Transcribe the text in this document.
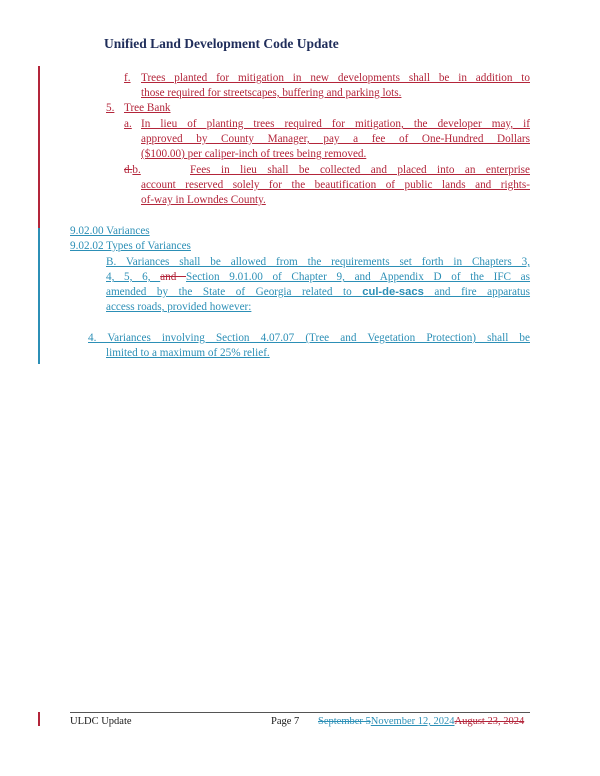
Unified Land Development Code Update
f. Trees planted for mitigation in new developments shall be in addition to
those required for streetscapes, buffering and parking lots.
5. Tree Bank
a. In lieu of planting trees required for mitigation, the developer may, if
approved by County Manager, pay a fee of One-Hundred Dollars
($100.00) per caliper-inch of trees being removed.
d.b.	Fees in lieu shall be collected and placed into an enterprise
account reserved solely for the beautification of public lands and rights-
of-way in Lowndes County.
9.02.00 Variances
9.02.02 Types of Variances
B. Variances shall be allowed from the requirements set forth in Chapters 3,
4, 5, 6, and Section 9.01.00 of Chapter 9, and Appendix D of the IFC as
amended by the State of Georgia related to cul-de-sacs and fire apparatus
access roads, provided however:
4. Variances involving Section 4.07.07 (Tree and Vegetation Protection) shall be
limited to a maximum of 25% relief.
ULDC Update	Page 7 September 5November 12, 2024August 23, 2024
